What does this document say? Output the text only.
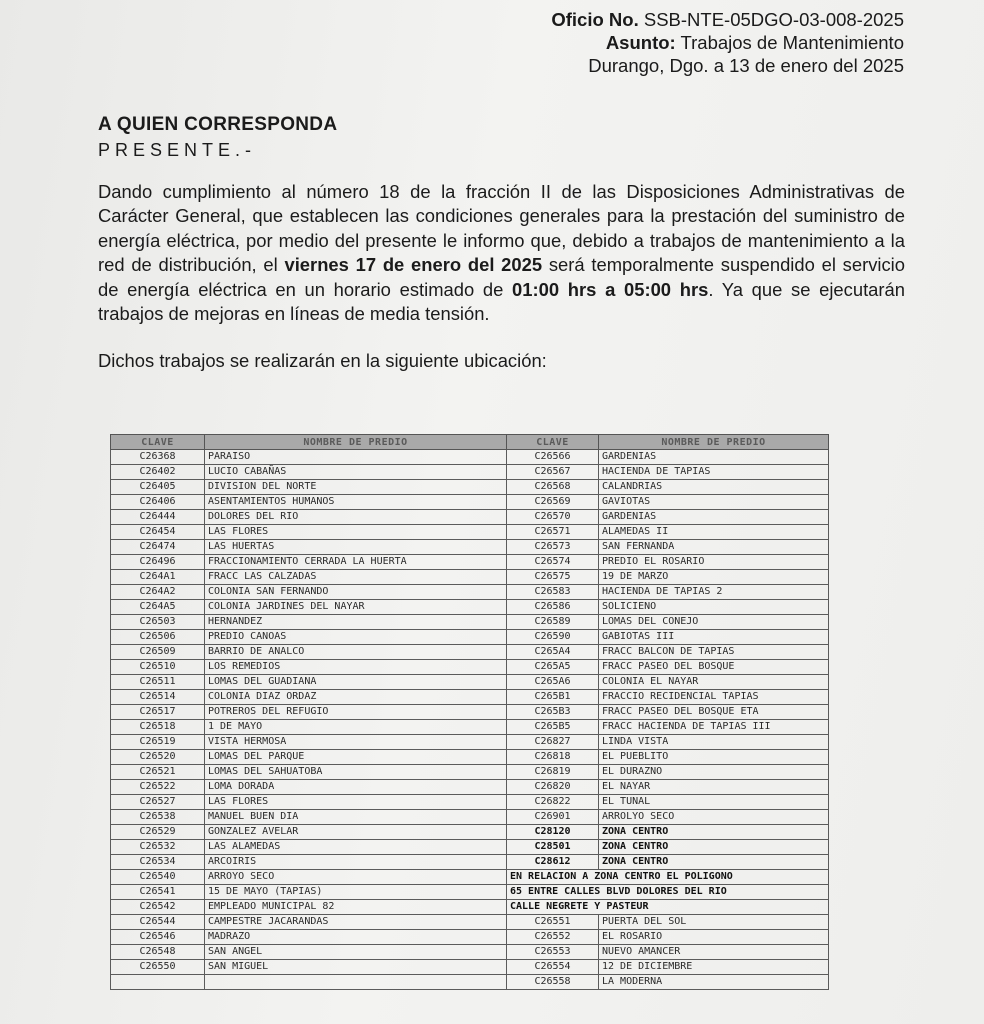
Oficio No. SSB-NTE-05DGO-03-008-2025
Asunto: Trabajos de Mantenimiento
Durango, Dgo. a 13 de enero del 2025
A QUIEN CORRESPONDA
PRESENTE.-
Dando cumplimiento al número 18 de la fracción II de las Disposiciones Administrativas de Carácter General, que establecen las condiciones generales para la prestación del suministro de energía eléctrica, por medio del presente le informo que, debido a trabajos de mantenimiento a la red de distribución, el viernes 17 de enero del 2025 será temporalmente suspendido el servicio de energía eléctrica en un horario estimado de 01:00 hrs a 05:00 hrs. Ya que se ejecutarán trabajos de mejoras en líneas de media tensión.
Dichos trabajos se realizarán en la siguiente ubicación:
CLAVE	NOMBRE DE PREDIO	CLAVE	NOMBRE DE PREDIO
C26368	PARAISO	C26566	GARDENIAS
C26402	LUCIO CABAÑAS	C26567	HACIENDA DE TAPIAS
C26405	DIVISION DEL NORTE	C26568	CALANDRIAS
C26406	ASENTAMIENTOS HUMANOS	C26569	GAVIOTAS
C26444	DOLORES DEL RIO	C26570	GARDENIAS
C26454	LAS FLORES	C26571	ALAMEDAS II
C26474	LAS HUERTAS	C26573	SAN FERNANDA
C26496	FRACCIONAMIENTO CERRADA LA HUERTA	C26574	PREDIO EL ROSARIO
C264A1	FRACC LAS CALZADAS	C26575	19 DE MARZO
C264A2	COLONIA SAN FERNANDO	C26583	HACIENDA DE TAPIAS 2
C264A5	COLONIA JARDINES DEL NAYAR	C26586	SOLICIENO
C26503	HERNANDEZ	C26589	LOMAS DEL CONEJO
C26506	PREDIO CANOAS	C26590	GABIOTAS III
C26509	BARRIO DE ANALCO	C265A4	FRACC BALCON DE TAPIAS
C26510	LOS REMEDIOS	C265A5	FRACC PASEO DEL BOSQUE
C26511	LOMAS DEL GUADIANA	C265A6	COLONIA EL NAYAR
C26514	COLONIA DIAZ ORDAZ	C265B1	FRACCIO RECIDENCIAL TAPIAS
C26517	POTREROS DEL REFUGIO	C265B3	FRACC PASEO DEL BOSQUE ETA
C26518	1 DE MAYO	C265B5	FRACC HACIENDA DE TAPIAS III
C26519	VISTA HERMOSA	C26827	LINDA VISTA
C26520	LOMAS DEL PARQUE	C26818	EL PUEBLITO
C26521	LOMAS DEL SAHUATOBA	C26819	EL DURAZNO
C26522	LOMA DORADA	C26820	EL NAYAR
C26527	LAS FLORES	C26822	EL TUNAL
C26538	MANUEL BUEN DIA	C26901	ARROLYO SECO
C26529	GONZALEZ AVELAR	C28120	ZONA CENTRO
C26532	LAS ALAMEDAS	C28501	ZONA CENTRO
C26534	ARCOIRIS	C28612	ZONA CENTRO
C26540	ARROYO SECO	EN RELACION A ZONA CENTRO EL POLIGONO	
C26541	15 DE MAYO (TAPIAS)	65 ENTRE CALLES BLVD DOLORES DEL RIO	
C26542	EMPLEADO MUNICIPAL 82	CALLE NEGRETE Y PASTEUR	
C26544	CAMPESTRE JACARANDAS	C26551	PUERTA DEL SOL
C26546	MADRAZO	C26552	EL ROSARIO
C26548	SAN ANGEL	C26553	NUEVO AMANCER
C26550	SAN MIGUEL	C26554	12 DE DICIEMBRE
		C26558	LA MODERNA
